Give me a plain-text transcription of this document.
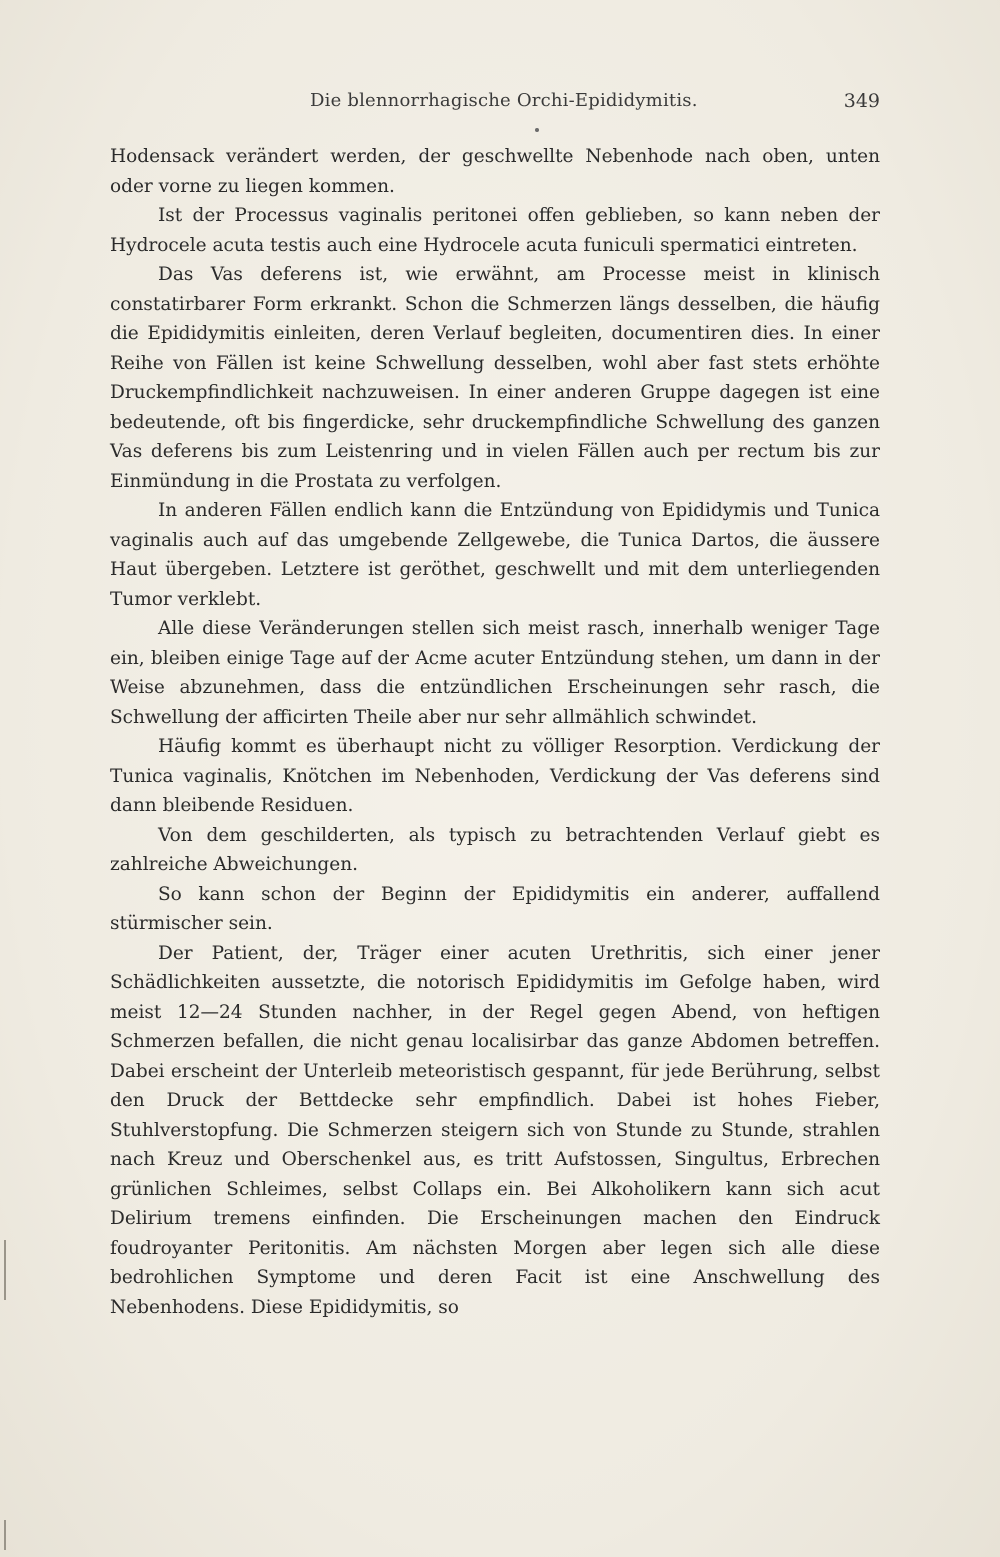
Die blennorrhagische Orchi-Epididymitis.	349

Hodensack verändert werden, der geschwellte Nebenhode nach oben, unten oder vorne zu liegen kommen.

Ist der Processus vaginalis peritonei offen geblieben, so kann neben der Hydrocele acuta testis auch eine Hydrocele acuta funiculi spermatici eintreten.

Das Vas deferens ist, wie erwähnt, am Processe meist in klinisch constatirbarer Form erkrankt. Schon die Schmerzen längs desselben, die häufig die Epididymitis einleiten, deren Verlauf begleiten, documentiren dies. In einer Reihe von Fällen ist keine Schwellung desselben, wohl aber fast stets erhöhte Druckempfindlichkeit nachzuweisen. In einer anderen Gruppe dagegen ist eine bedeutende, oft bis fingerdicke, sehr druckempfindliche Schwellung des ganzen Vas deferens bis zum Leistenring und in vielen Fällen auch per rectum bis zur Einmündung in die Prostata zu verfolgen.

In anderen Fällen endlich kann die Entzündung von Epididymis und Tunica vaginalis auch auf das umgebende Zellgewebe, die Tunica Dartos, die äussere Haut übergeben. Letztere ist geröthet, geschwellt und mit dem unterliegenden Tumor verklebt.

Alle diese Veränderungen stellen sich meist rasch, innerhalb weniger Tage ein, bleiben einige Tage auf der Acme acuter Entzündung stehen, um dann in der Weise abzunehmen, dass die entzündlichen Erscheinungen sehr rasch, die Schwellung der afficirten Theile aber nur sehr allmählich schwindet.

Häufig kommt es überhaupt nicht zu völliger Resorption. Verdickung der Tunica vaginalis, Knötchen im Nebenhoden, Verdickung der Vas deferens sind dann bleibende Residuen.

Von dem geschilderten, als typisch zu betrachtenden Verlauf giebt es zahlreiche Abweichungen.

So kann schon der Beginn der Epididymitis ein anderer, auffallend stürmischer sein.

Der Patient, der, Träger einer acuten Urethritis, sich einer jener Schädlichkeiten aussetzte, die notorisch Epididymitis im Gefolge haben, wird meist 12—24 Stunden nachher, in der Regel gegen Abend, von heftigen Schmerzen befallen, die nicht genau localisirbar das ganze Abdomen betreffen. Dabei erscheint der Unterleib meteoristisch gespannt, für jede Berührung, selbst den Druck der Bettdecke sehr empfindlich. Dabei ist hohes Fieber, Stuhlverstopfung. Die Schmerzen steigern sich von Stunde zu Stunde, strahlen nach Kreuz und Oberschenkel aus, es tritt Aufstossen, Singultus, Erbrechen grünlichen Schleimes, selbst Collaps ein. Bei Alkoholikern kann sich acut Delirium tremens einfinden. Die Erscheinungen machen den Eindruck foudroyanter Peritonitis. Am nächsten Morgen aber legen sich alle diese bedrohlichen Symptome und deren Facit ist eine Anschwellung des Nebenhodens. Diese Epididymitis, so
